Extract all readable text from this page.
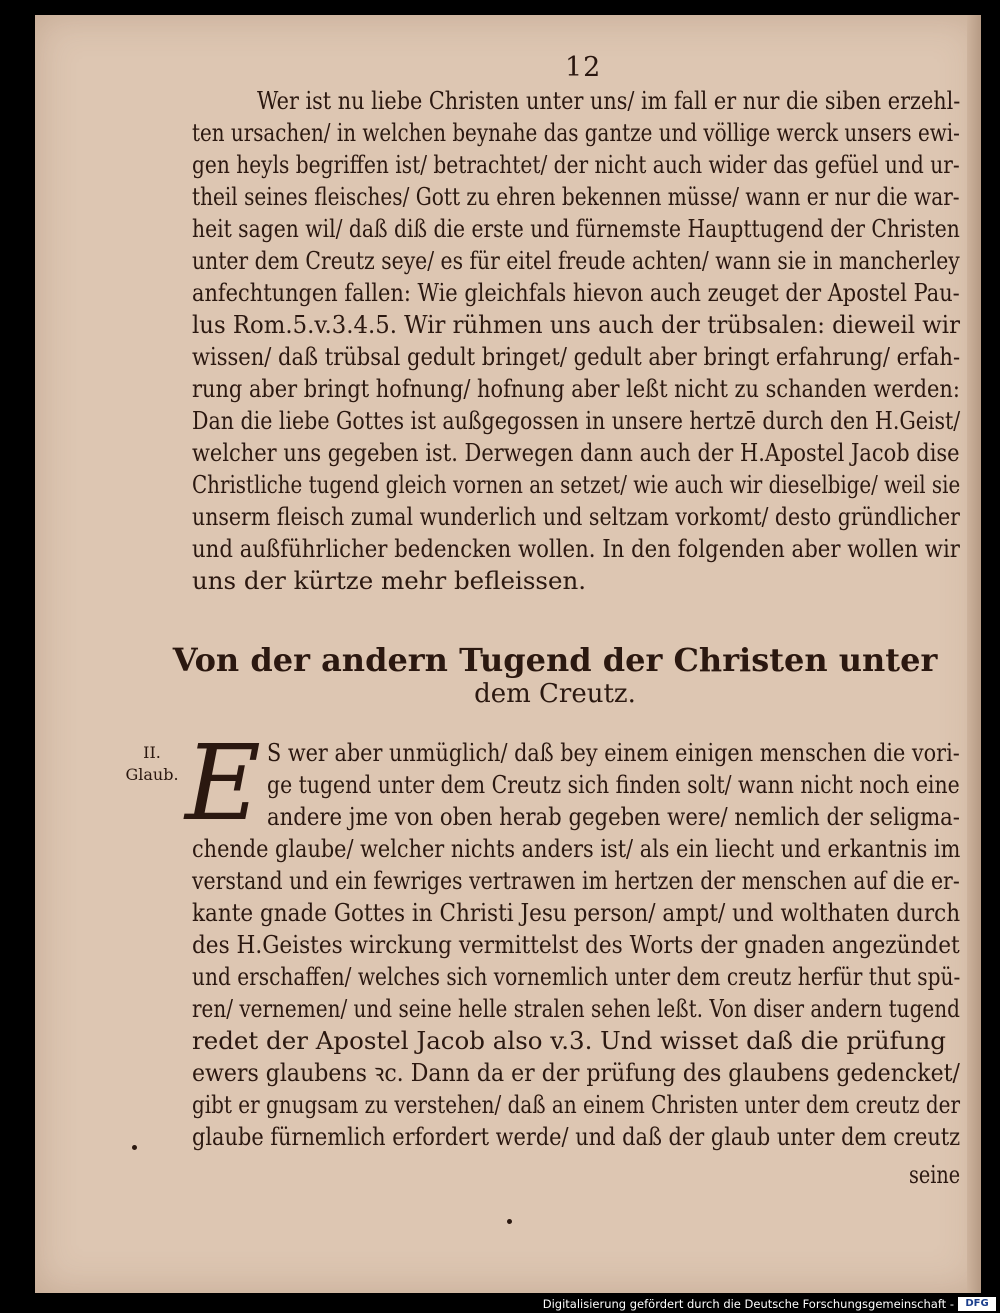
12
Wer ist nu liebe Christen unter uns/ im fall er nur die siben erzehl-
ten ursachen/ in welchen beynahe das gantze und völlige werck unsers ewi-
gen heyls begriffen ist/ betrachtet/ der nicht auch wider das gefüel und ur-
theil seines fleisches/ Gott zu ehren bekennen müsse/ wann er nur die war-
heit sagen wil/ daß diß die erste und fürnemste Haupttugend der Christen
unter dem Creutz seye/ es für eitel freude achten/ wann sie in mancherley
anfechtungen fallen: Wie gleichfals hievon auch zeuget der Apostel Pau-
lus Rom.5.v.3.4.5. Wir rühmen uns auch der trübsalen: dieweil wir
wissen/ daß trübsal gedult bringet/ gedult aber bringt erfahrung/ erfah-
rung aber bringt hofnung/ hofnung aber leßt nicht zu schanden werden:
Dan die liebe Gottes ist außgegossen in unsere hertzē durch den H.Geist/
welcher uns gegeben ist. Derwegen dann auch der H.Apostel Jacob dise
Christliche tugend gleich vornen an setzet/ wie auch wir dieselbige/ weil sie
unserm fleisch zumal wunderlich und seltzam vorkomt/ desto gründlicher
und außführlicher bedencken wollen. In den folgenden aber wollen wir
uns der kürtze mehr befleissen.
Von der andern Tugend der Christen unter
dem Creutz.
II.
Glaub. E S wer aber unmüglich/ daß bey einem einigen menschen die vori-
ge tugend unter dem Creutz sich finden solt/ wann nicht noch eine
andere jme von oben herab gegeben were/ nemlich der seligma-
chende glaube/ welcher nichts anders ist/ als ein liecht und erkantnis im
verstand und ein fewriges vertrawen im hertzen der menschen auf die er-
kante gnade Gottes in Christi Jesu person/ ampt/ und wolthaten durch
des H.Geistes wirckung vermittelst des Worts der gnaden angezündet
und erschaffen/ welches sich vornemlich unter dem creutz herfür thut spü-
ren/ vernemen/ und seine helle stralen sehen leßt. Von diser andern tugend
redet der Apostel Jacob also v.3. Und wisset daß die prüfung
ewers glaubens ꝛc. Dann da er der prüfung des glaubens gedencket/
gibt er gnugsam zu verstehen/ daß an einem Christen unter dem creutz der
glaube fürnemlich erfordert werde/ und daß der glaub unter dem creutz
seine
Digitalisierung gefördert durch die Deutsche Forschungsgemeinschaft -	DFG
